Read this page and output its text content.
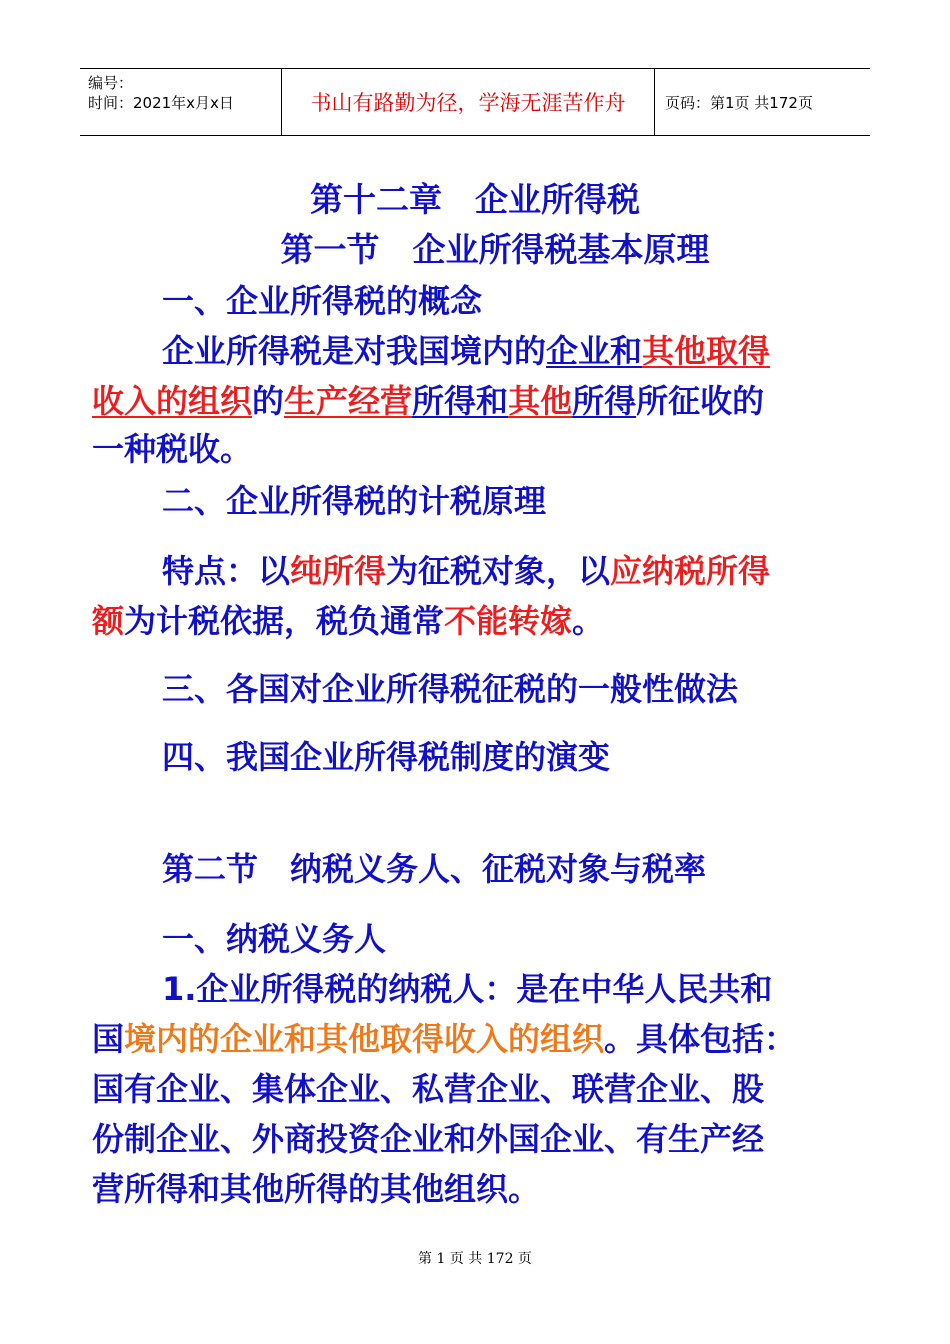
编号：
时间：2021年x月x日	书山有路勤为径，学海无涯苦作舟	页码：第1页 共172页
第十二章　企业所得税
第一节　企业所得税基本原理
一、企业所得税的概念
企业所得税是对我国境内的企业和其他取得
收入的组织的生产经营所得和其他所得所征收的
一种税收。
二、企业所得税的计税原理
特点：以纯所得为征税对象，以应纳税所得
额为计税依据，税负通常不能转嫁。
三、各国对企业所得税征税的一般性做法
四、我国企业所得税制度的演变
第二节　纳税义务人、征税对象与税率
一、纳税义务人
1.企业所得税的纳税人：是在中华人民共和
国境内的企业和其他取得收入的组织。具体包括：
国有企业、集体企业、私营企业、联营企业、股
份制企业、外商投资企业和外国企业、有生产经
营所得和其他所得的其他组织。
第 1 页 共 172 页
